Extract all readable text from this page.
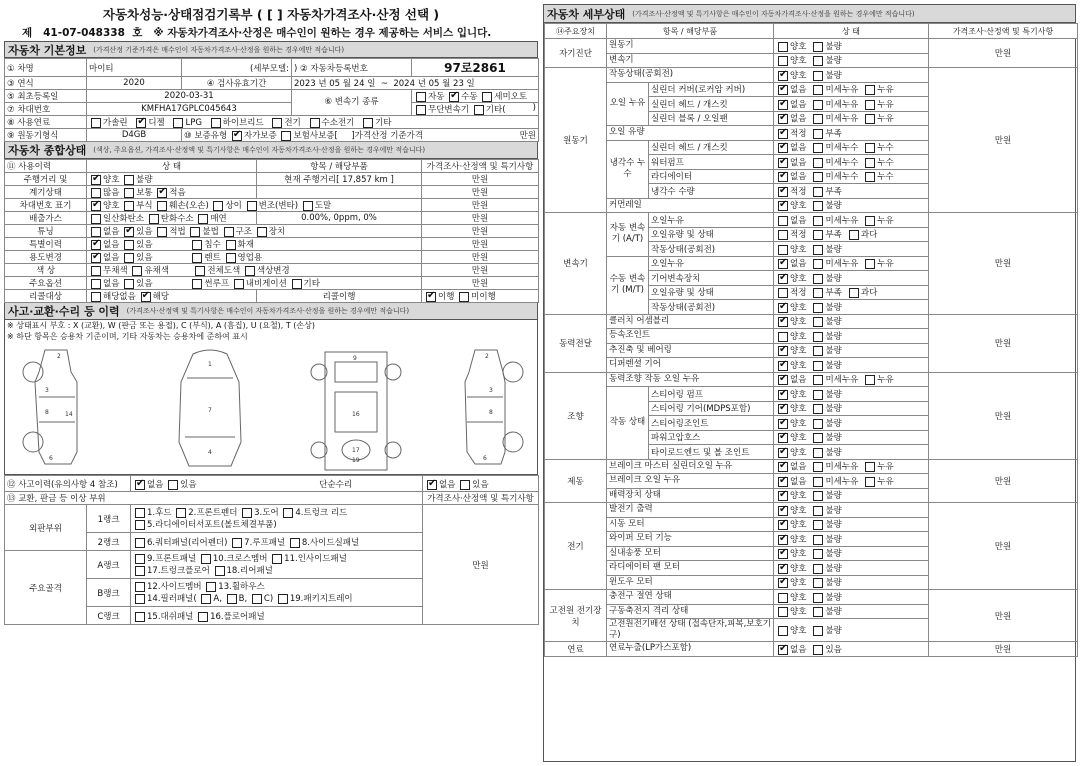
자동차성능·상태점검기록부 ( [ ] 자동차가격조사·산정 선택 )
제 41-07-048338 호 ※ 자동차가격조사·산정은 매수인이 원하는 경우 제공하는 서비스 입니다.
자동차 기본정보 (가격산정 기준가격은 매수인이 자동차가격조사·산정을 원하는 경우에만 적습니다)
① 차명	마이티	(세부모델:	) ② 자동차등록번호	97로2861
③ 연식	2020	④ 검사유효기간	2023 년 05 월 24 일 ~ 2024 년 05 월 23 일	
⑤ 최초등록일	2020-03-31		⑥ 변속기 종류	자동 ✔ 수동 세미오토
⑦ 차대번호	KMFHA17GPLC045643			무단변속기 기타( )

⑧ 사용연료	가솔린 ✔ 디젤 LPG 하이브리드 전기 수소전기 기타
⑨ 원동기형식	D4GB	⑩ 보증유형 ✔ 자가보증 보험사보증[ ]가격산정 기준가격 만원
자동차 종합상태 (색상, 주요옵션, 가격조사·산정액 및 특기사항은 매수인이 자동차가격조사·산정을 원하는 경우에만 적습니다)
⑪ 사용이력	상 태	항목 / 해당부품	가격조사·산정액 및 특기사항
주행거리 및	✔양호 불량	현재 주행거리[ 17,857 km ]	만원
계기상태	많음 보통 ✔ 적음		만원
차대번호 표기	✔양호 부식 훼손(오손) 상이 변조(변타) 도말		만원
배출가스	일산화탄소 탄화수소 매연	0.00%, 0ppm, 0%	만원
튜닝	없음 ✔ 있음 적법 불법 구조 장치		만원
특별이력	✔없음 있음 침수 화재		만원
용도변경	✔없음 있음 렌트 영업용		만원
색 상	무채색 유채색 전체도색 색상변경		만원
주요옵션	없음 있음 썬루프 내비게이션 기타		만원
리콜대상	해당없음 ✔ 해당	리콜이행	✔이행 미이행
사고·교환·수리 등 이력 (가격조사·산정액 및 특기사항은 매수인이 자동차가격조사·산정을 원하는 경우에만 적습니다)
※ 상태표시 부호 : X (교환), W (판금 또는 용접), C (부식), A (흠집), U (요철), T (손상)
※ 하단 항목은 승용차 기준이며, 기타 자동차는 승용차에 준하여 표시
2
3
8	14
6
1
7
4
9
16
19
17
2
3
8
6
⑫ 사고이력(유의사항 4 참조)	✔없음 있음 단순수리	✔없음 있음
⑬ 교환, 판금 등 이상 부위			가격조사·산정액 및 특기사항
외판부위	1랭크	1.후드 2.프론트펜더 3.도어 4.트렁크 리드
5.라디에이터서포트(볼트체결부품)	만원
	2랭크	6.쿼터패널(리어펜더) 7.루프패널 8.사이드실패널	
주요골격	A랭크	9.프론트패널 10.크로스멤버 11.인사이드패널
17.트렁크플로어 18.리어패널	
	B랭크	12.사이드멤버 13.휠하우스
14.필러패널( A, B, C) 19.패키지트레이	
	C랭크	15.대쉬패널 16.플로어패널	
자동차 세부상태 (가격조사·산정액 및 특기사항은 매수인이 자동차가격조사·산정을 원하는 경우에만 적습니다)
⑭주요장치	항목 / 해당부품		상 태	가격조사·산정액 및 특기사항
자기진단	원동기		양호 불량	만원
	변속기		양호 불량	
원동기	작동상태(공회전)	✔양호 불량	만원
	오일 누유	실린더 커버(로커암 커버)	✔없음 미세누유 누유
		실린더 헤드 / 개스킷	✔없음 미세누유 누유
		실린더 블록 / 오일팬	✔없음 미세누유 누유
	오일 유량	✔적정 부족
	냉각수 누수	실린더 헤드 / 개스킷	✔없음 미세누수 누수
		워터펌프	✔없음 미세누수 누수
		라디에이터	✔없음 미세누수 누수
		냉각수 수량	✔적정 부족
	커먼레일	✔양호 불량
변속기	자동 변속기 (A/T)	오일누유	없음 미세누유 누유	만원
		오일유량 및 상태	적정 부족 과다	
		작동상태(공회전)	양호 불량	
	수동 변속기 (M/T)	오일누유	✔없음 미세누유 누유
		기어변속장치	✔양호 불량
		오일유량 및 상태	적정 부족 과다	
		작동상태(공회전)	✔양호 불량
동력전달	클러치 어셈블리	✔양호 불량	만원
	등속조인트		양호 불량	
	추진축 및 베어링	✔양호 불량
	디퍼렌셜 기어	✔양호 불량
조향	동력조향 작동 오일 누유	✔없음 미세누유 누유	만원
	작동 상태	스티어링 펌프	✔양호 불량
		스티어링 기어(MDPS포함)	✔양호 불량
		스티어링조인트	✔양호 불량
		파워고압호스	✔양호 불량
		타이로드엔드 및 볼 조인트	✔양호 불량
제동	브레이크 마스터 실린더오일 누유	✔없음 미세누유 누유	만원
	브레이크 오일 누유	✔없음 미세누유 누유
	배력장치 상태	✔양호 불량
전기	발전기 출력	✔양호 불량	만원
	시동 모터	✔양호 불량
	와이퍼 모터 기능	✔양호 불량
	실내송풍 모터	✔양호 불량
	라디에이터 팬 모터	✔양호 불량
	윈도우 모터	✔양호 불량
고전원 전기장치	충전구 절연 상태		양호 불량	만원
	구동축전지 격리 상태		양호 불량	
	고전원전기배선 상태 (접속단자,피복,보호기구)		양호 불량	
연료	연료누출(LP가스포함)	✔없음 있음	만원
